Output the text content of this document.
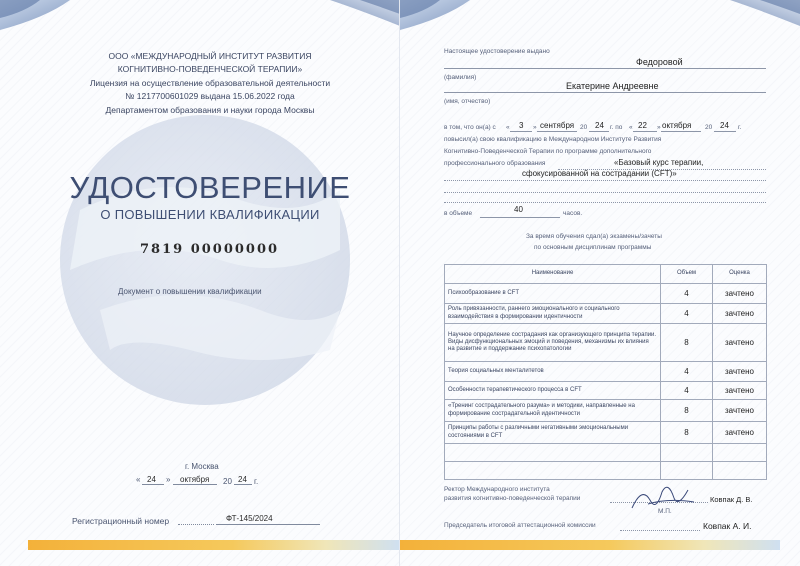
ООО «МЕЖДУНАРОДНЫЙ ИНСТИТУТ РАЗВИТИЯ
КОГНИТИВНО-ПОВЕДЕНЧЕСКОЙ ТЕРАПИИ»
Лицензия на осуществление образовательной деятельности
№ 1217700601029 выдана 15.06.2022 года
Департаментом образования и науки города Москвы
УДОСТОВЕРЕНИЕ
О ПОВЫШЕНИИ КВАЛИФИКАЦИИ
7819 00000000
Документ о повышении квалификации
г. Москва
« 24 » октября 20 24 г.
Регистрационный номер	ФТ-145/2024
Настоящее удостоверение выдано
Федоровой
(фамилия)
Екатерине Андреевне
(имя, отчество)
в том, что он(а) с « 3 » сентября 20 24 г. по « 22 » октября 20 24 г.
повысил(а) свою квалификацию в Международном Институте Развития
Когнитивно-Поведенческой Терапии по программе дополнительного
профессионального образования	«Базовый курс терапии,
сфокусированной на сострадании (CFT)»
в объеме	40	часов.
За время обучения сдал(а) экзамены/зачеты
по основным дисциплинам программы
Наименование	Объем	Оценка
Психообразование в CFT	4	зачтено
Роль привязанности, раннего эмоционального и социального взаимодействия в формировании идентичности	4	зачтено
Научное определение сострадания как организующего принципа терапии. Виды дисфункциональных эмоций и поведения, механизмы их влияния на развитие и поддержание психопатологии	8	зачтено
Теория социальных менталитетов	4	зачтено
Особенности терапевтического процесса в CFT	4	зачтено
«Тренинг сострадательного разума» и методики, направленные на формирование сострадательной идентичности	8	зачтено
Принципы работы с различными негативными эмоциональными состояниями в CFT	8	зачтено

Ректор Международного института
развития когнитивно-поведенческой терапии	Ковпак Д. В.
М.П.
Председатель итоговой аттестационной комиссии	Ковпак А. И.
